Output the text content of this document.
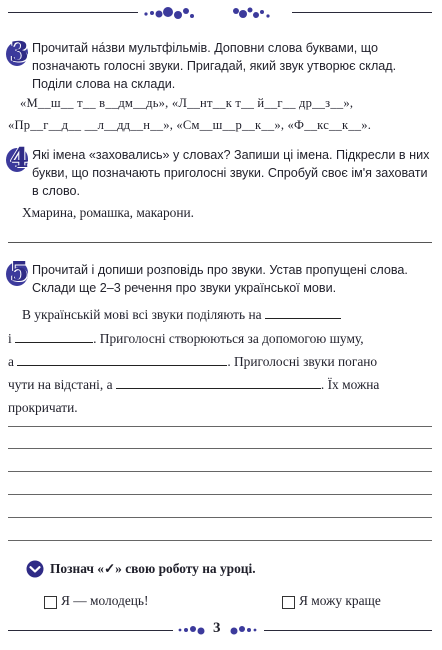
3 Прочитай на́зви мультфільмів. Доповни слова буквами, що позначають голосні звуки. Пригадай, який звук утворює склад. Поділи слова на склади.
«М__ш__ т__ в__дм__дь», «Л__нт__к т__ й__г__ др__з__»,
«Пр__г__д__ __л__дд__н__», «См__ш__р__к__», «Ф__кс__к__».
4 Які імена «заховались» у словах? Запиши ці імена. Підкресли в них букви, що позначають приголосні звуки. Спробуй своє ім'я заховати в слово.
Хмарина, ромашка, макарони.
5 Прочитай і допиши розповідь про звуки. Устав пропущені слова. Склади ще 2–3 речення про звуки української мови.
В українській мові всі звуки поділяють на
і	. Приголосні створюються за допомогою шуму,
а	. Приголосні звуки погано
чути на відстані, а	. Їх можна
прокричати.
Познач «✓» свою роботу на уроці.
Я — молодець!	Я можу краще
3
